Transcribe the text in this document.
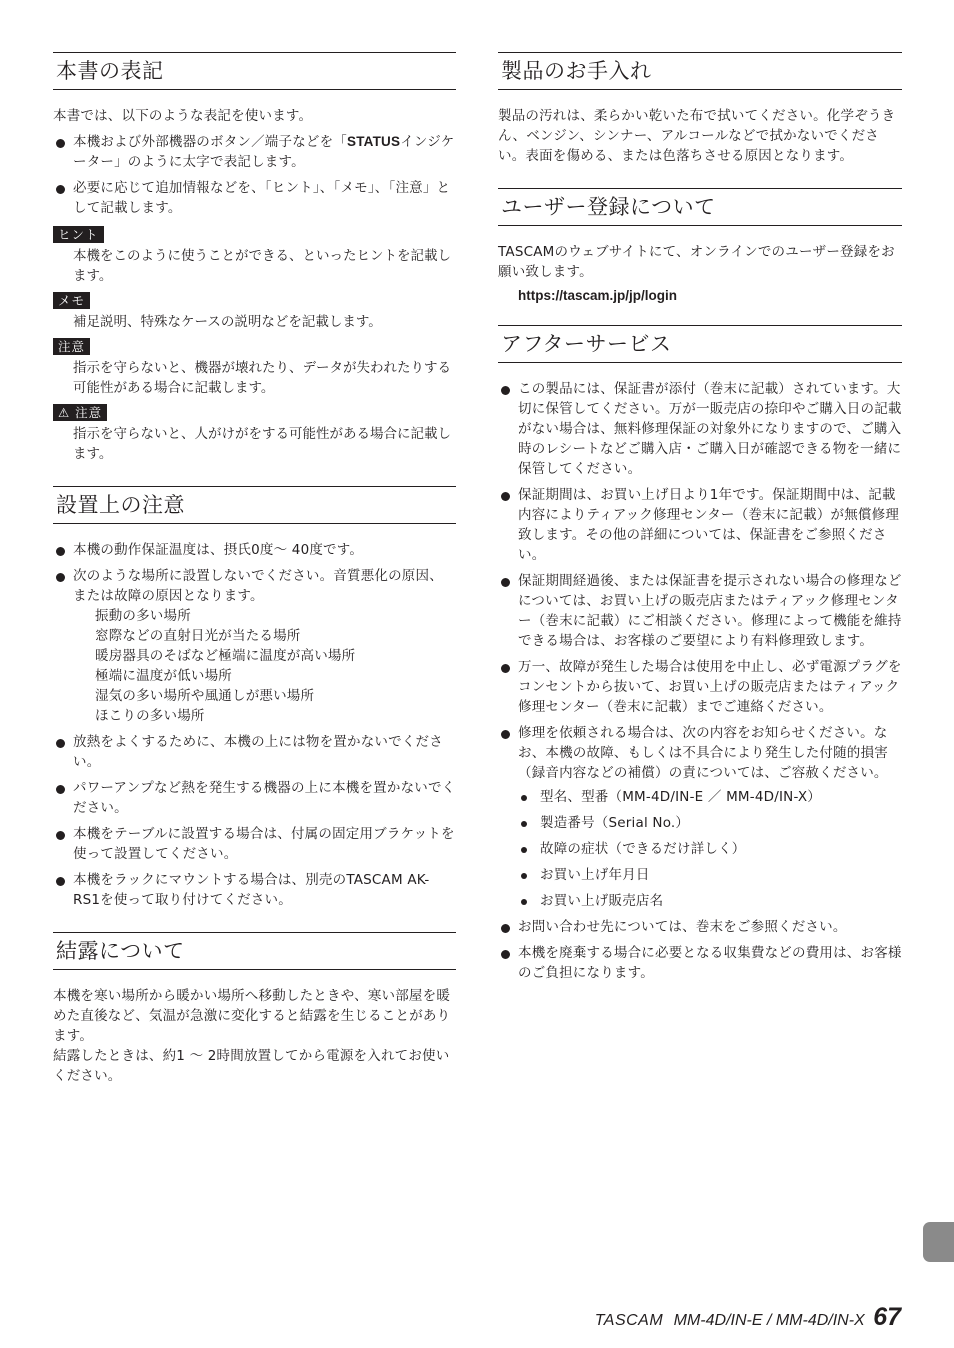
本書の表記

本書では、以下のような表記を使います。

本機および外部機器のボタン／端子などを「STATUSインジケーター」のように太字で表記します。
必要に応じて追加情報などを、「ヒント」、「メモ」、「注意」として記載します。
ヒント

本機をこのように使うことができる、といったヒントを記載します。

メモ

補足説明、特殊なケースの説明などを記載します。

注意

指示を守らないと、機器が壊れたり、データが失われたりする可能性がある場合に記載します。

⚠ 注意

指示を守らないと、人がけがをする可能性がある場合に記載します。

設置上の注意
本機の動作保証温度は、摂氏0度～ 40度です。
次のような場所に設置しないでください。音質悪化の原因、または故障の原因となります。
振動の多い場所
窓際などの直射日光が当たる場所
暖房器具のそばなど極端に温度が高い場所
極端に温度が低い場所
湿気の多い場所や風通しが悪い場所
ほこりの多い場所
放熱をよくするために、本機の上には物を置かないでください。
パワーアンプなど熱を発生する機器の上に本機を置かないでください。
本機をテーブルに設置する場合は、付属の固定用ブラケットを使って設置してください。
本機をラックにマウントする場合は、別売のTASCAM AK-RS1を使って取り付けてください。
結露について

本機を寒い場所から暖かい場所へ移動したときや、寒い部屋を暖めた直後など、気温が急激に変化すると結露を生じることがあります。

結露したときは、約1 ～ 2時間放置してから電源を入れてお使いください。

製品のお手入れ

製品の汚れは、柔らかい乾いた布で拭いてください。化学ぞうきん、ベンジン、シンナー、アルコールなどで拭かないでください。表面を傷める、または色落ちさせる原因となります。

ユーザー登録について

TASCAMのウェブサイトにて、オンラインでのユーザー登録をお願い致します。

https://tascam.jp/jp/login

アフターサービス
この製品には、保証書が添付（巻末に記載）されています。大切に保管してください。万が一販売店の捺印やご購入日の記載がない場合は、無料修理保証の対象外になりますので、ご購入時のレシートなどご購入店・ご購入日が確認できる物を一緒に保管してください。
保証期間は、お買い上げ日より1年です。保証期間中は、記載内容によりティアック修理センター（巻末に記載）が無償修理致します。その他の詳細については、保証書をご参照ください。
保証期間経過後、または保証書を提示されない場合の修理などについては、お買い上げの販売店またはティアック修理センター（巻末に記載）にご相談ください。修理によって機能を維持できる場合は、お客様のご要望により有料修理致します。
万一、故障が発生した場合は使用を中止し、必ず電源プラグをコンセントから抜いて、お買い上げの販売店またはティアック修理センター（巻末に記載）までご連絡ください。
修理を依頼される場合は、次の内容をお知らせください。なお、本機の故障、もしくは不具合により発生した付随的損害（録音内容などの補償）の責については、ご容赦ください。
型名、型番（MM-4D/IN-E ／ MM-4D/IN-X）
製造番号（Serial No.）
故障の症状（できるだけ詳しく）
お買い上げ年月日
お買い上げ販売店名
お問い合わせ先については、巻末をご参照ください。
本機を廃棄する場合に必要となる収集費などの費用は、お客様のご負担になります。
TASCAM MM-4D/IN-E / MM-4D/IN-X 67
